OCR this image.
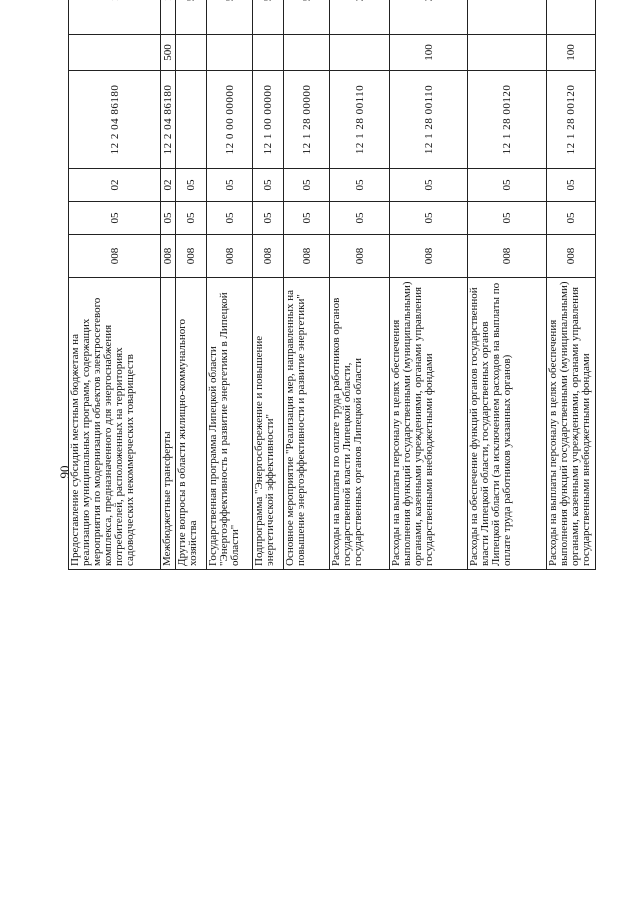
90
Предоставление субсидий местным бюджетам на реализацию муниципальных программ, содержащих мероприятия по модернизации объектов электросетевого комплекса, предназначенного для энергоснабжения потребителей, расположенных на территориях садоводческих некоммерческих товариществ	008	05	02	12 2 04 86180				
Межбюджетные трансферты	008	05	02	12 2 04 86180	500			
Другие вопросы в области жилищно-коммунального хозяйства	008	05	05					
Государственная программа Липецкой области "Энергоэффективность и развитие энергетики в Липецкой области"	008	05	05	12 0 00 00000				
Подпрограмма "Энергосбережение и повышение энергетической эффективности"	008	05	05	12 1 00 00000				
Основное мероприятие "Реализация мер, направленных на повышение энергоэффективности и развитие энергетики"	008	05	05	12 1 28 00000				
Расходы на выплаты по оплате труда работников органов государственной власти Липецкой области, государственных органов Липецкой области	008	05	05	12 1 28 00110				
Расходы на выплаты персоналу в целях обеспечения выполнения функций государственными (муниципальными) органами, казенными учреждениями, органами управления государственными внебюджетными фондами	008	05	05	12 1 28 00110	100			
Расходы на обеспечение функций органов государственной власти Липецкой области, государственных органов Липецкой области (за исключением расходов на выплаты по оплате труда работников указанных органов)	008	05	05	12 1 28 00120				
Расходы на выплаты персоналу в целях обеспечения выполнения функций государственными (муниципальными) органами, казенными учреждениями, органами управления государственными внебюджетными фондами	008	05	05	12 1 28 00120	100			
